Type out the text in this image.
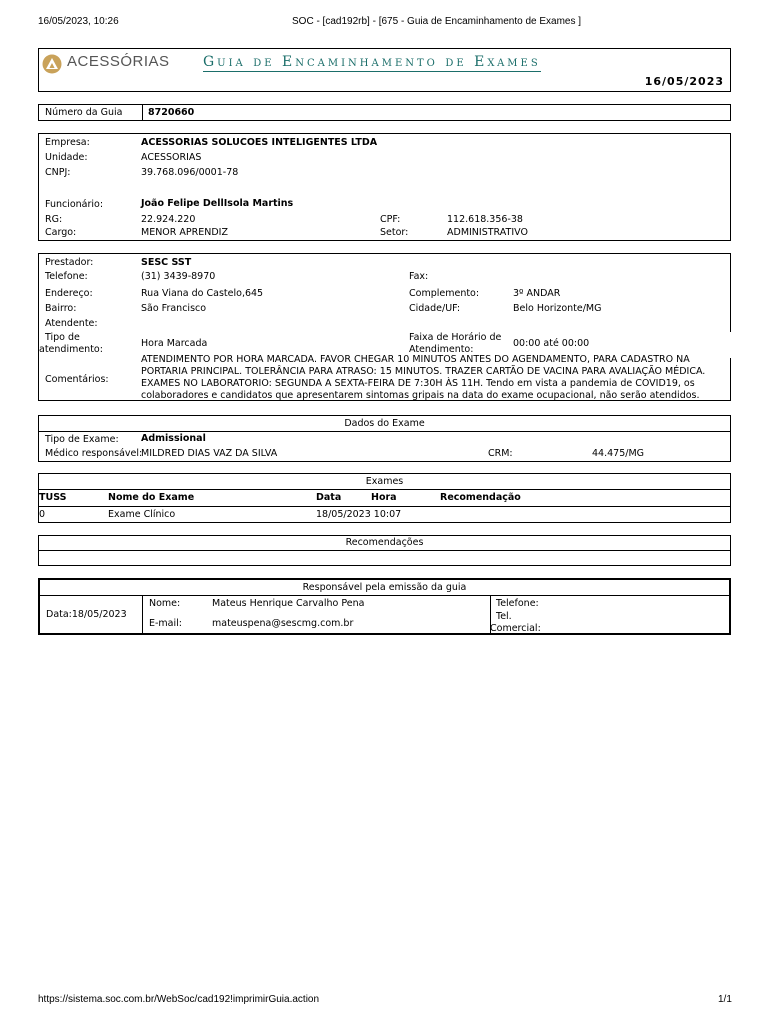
16/05/2023, 10:26	SOC - [cad192rb] - [675 - Guia de Encaminhamento de Exames ]
ACESSÓRIAS
16/05/2023
Guia de Encaminhamento de Exames
Número da Guia	8720660
Empresa:	ACESSORIAS SOLUCOES INTELIGENTES LTDA
Unidade:	ACESSORIAS
CNPJ:	39.768.096/0001-78
Funcionário:	João Felipe DellIsola Martins
RG:	22.924.220	CPF:	112.618.356-38
Cargo:	MENOR APRENDIZ	Setor:	ADMINISTRATIVO
Prestador:	SESC SST
Telefone:	(31) 3439-8970	Fax:
Endereço:	Rua Viana do Castelo,645	Complemento:	3º ANDAR
Bairro:	São Francisco	Cidade/UF:	Belo Horizonte/MG
Atendente:
Tipo de
atendimento:
Hora Marcada
Faixa de Horário de
Atendimento:
00:00 até 00:00
Comentários:
ATENDIMENTO POR HORA MARCADA. FAVOR CHEGAR 10 MINUTOS ANTES DO AGENDAMENTO, PARA CADASTRO NA PORTARIA PRINCIPAL. TOLERÂNCIA PARA ATRASO: 15 MINUTOS. TRAZER CARTÃO DE VACINA PARA AVALIAÇÃO MÉDICA. EXAMES NO LABORATORIO: SEGUNDA A SEXTA-FEIRA DE 7:30H ÀS 11H. Tendo em vista a pandemia de COVID19, os colaboradores e candidatos que apresentarem sintomas gripais na data do exame ocupacional, não serão atendidos.
Dados do Exame
Tipo de Exame: Admissional
Médico responsável:
MILDRED DIAS VAZ DA SILVA	CRM:	44.475/MG
Exames
TUSS	Nome do Exame	Data	Hora	Recomendação
0	Exame Clínico	18/05/2023 10:07
Recomendações
Responsável pela emissão da guia
Data:18/05/2023
Nome:	Mateus Henrique Carvalho Pena
E-mail:	mateuspena@sescmg.com.br
Telefone:
Tel.
Comercial:
https://sistema.soc.com.br/WebSoc/cad192!imprimirGuia.action	1/1
